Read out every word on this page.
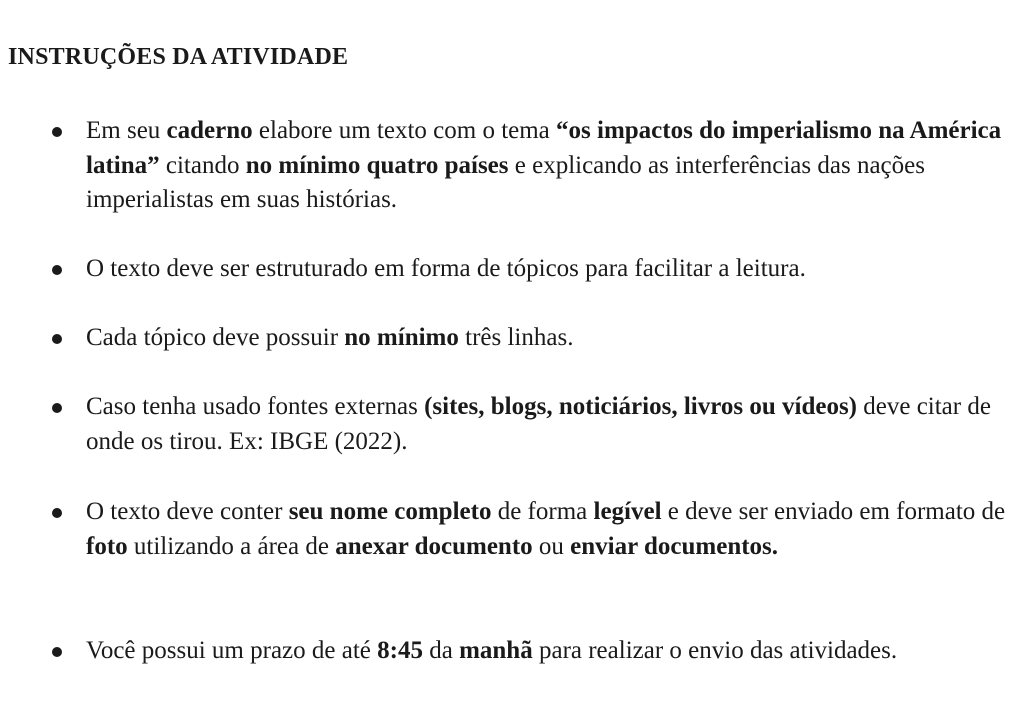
INSTRUÇÕES DA ATIVIDADE
Em seu caderno elabore um texto com o tema “os impactos do imperialismo na América latina” citando no mínimo quatro países e explicando as interferências das nações imperialistas em suas histórias.
O texto deve ser estruturado em forma de tópicos para facilitar a leitura.
Cada tópico deve possuir no mínimo três linhas.
Caso tenha usado fontes externas (sites, blogs, noticiários, livros ou vídeos) deve citar de onde os tirou. Ex: IBGE (2022).
O texto deve conter seu nome completo de forma legível e deve ser enviado em formato de foto utilizando a área de anexar documento ou enviar documentos.
Você possui um prazo de até 8:45 da manhã para realizar o envio das atividades.
